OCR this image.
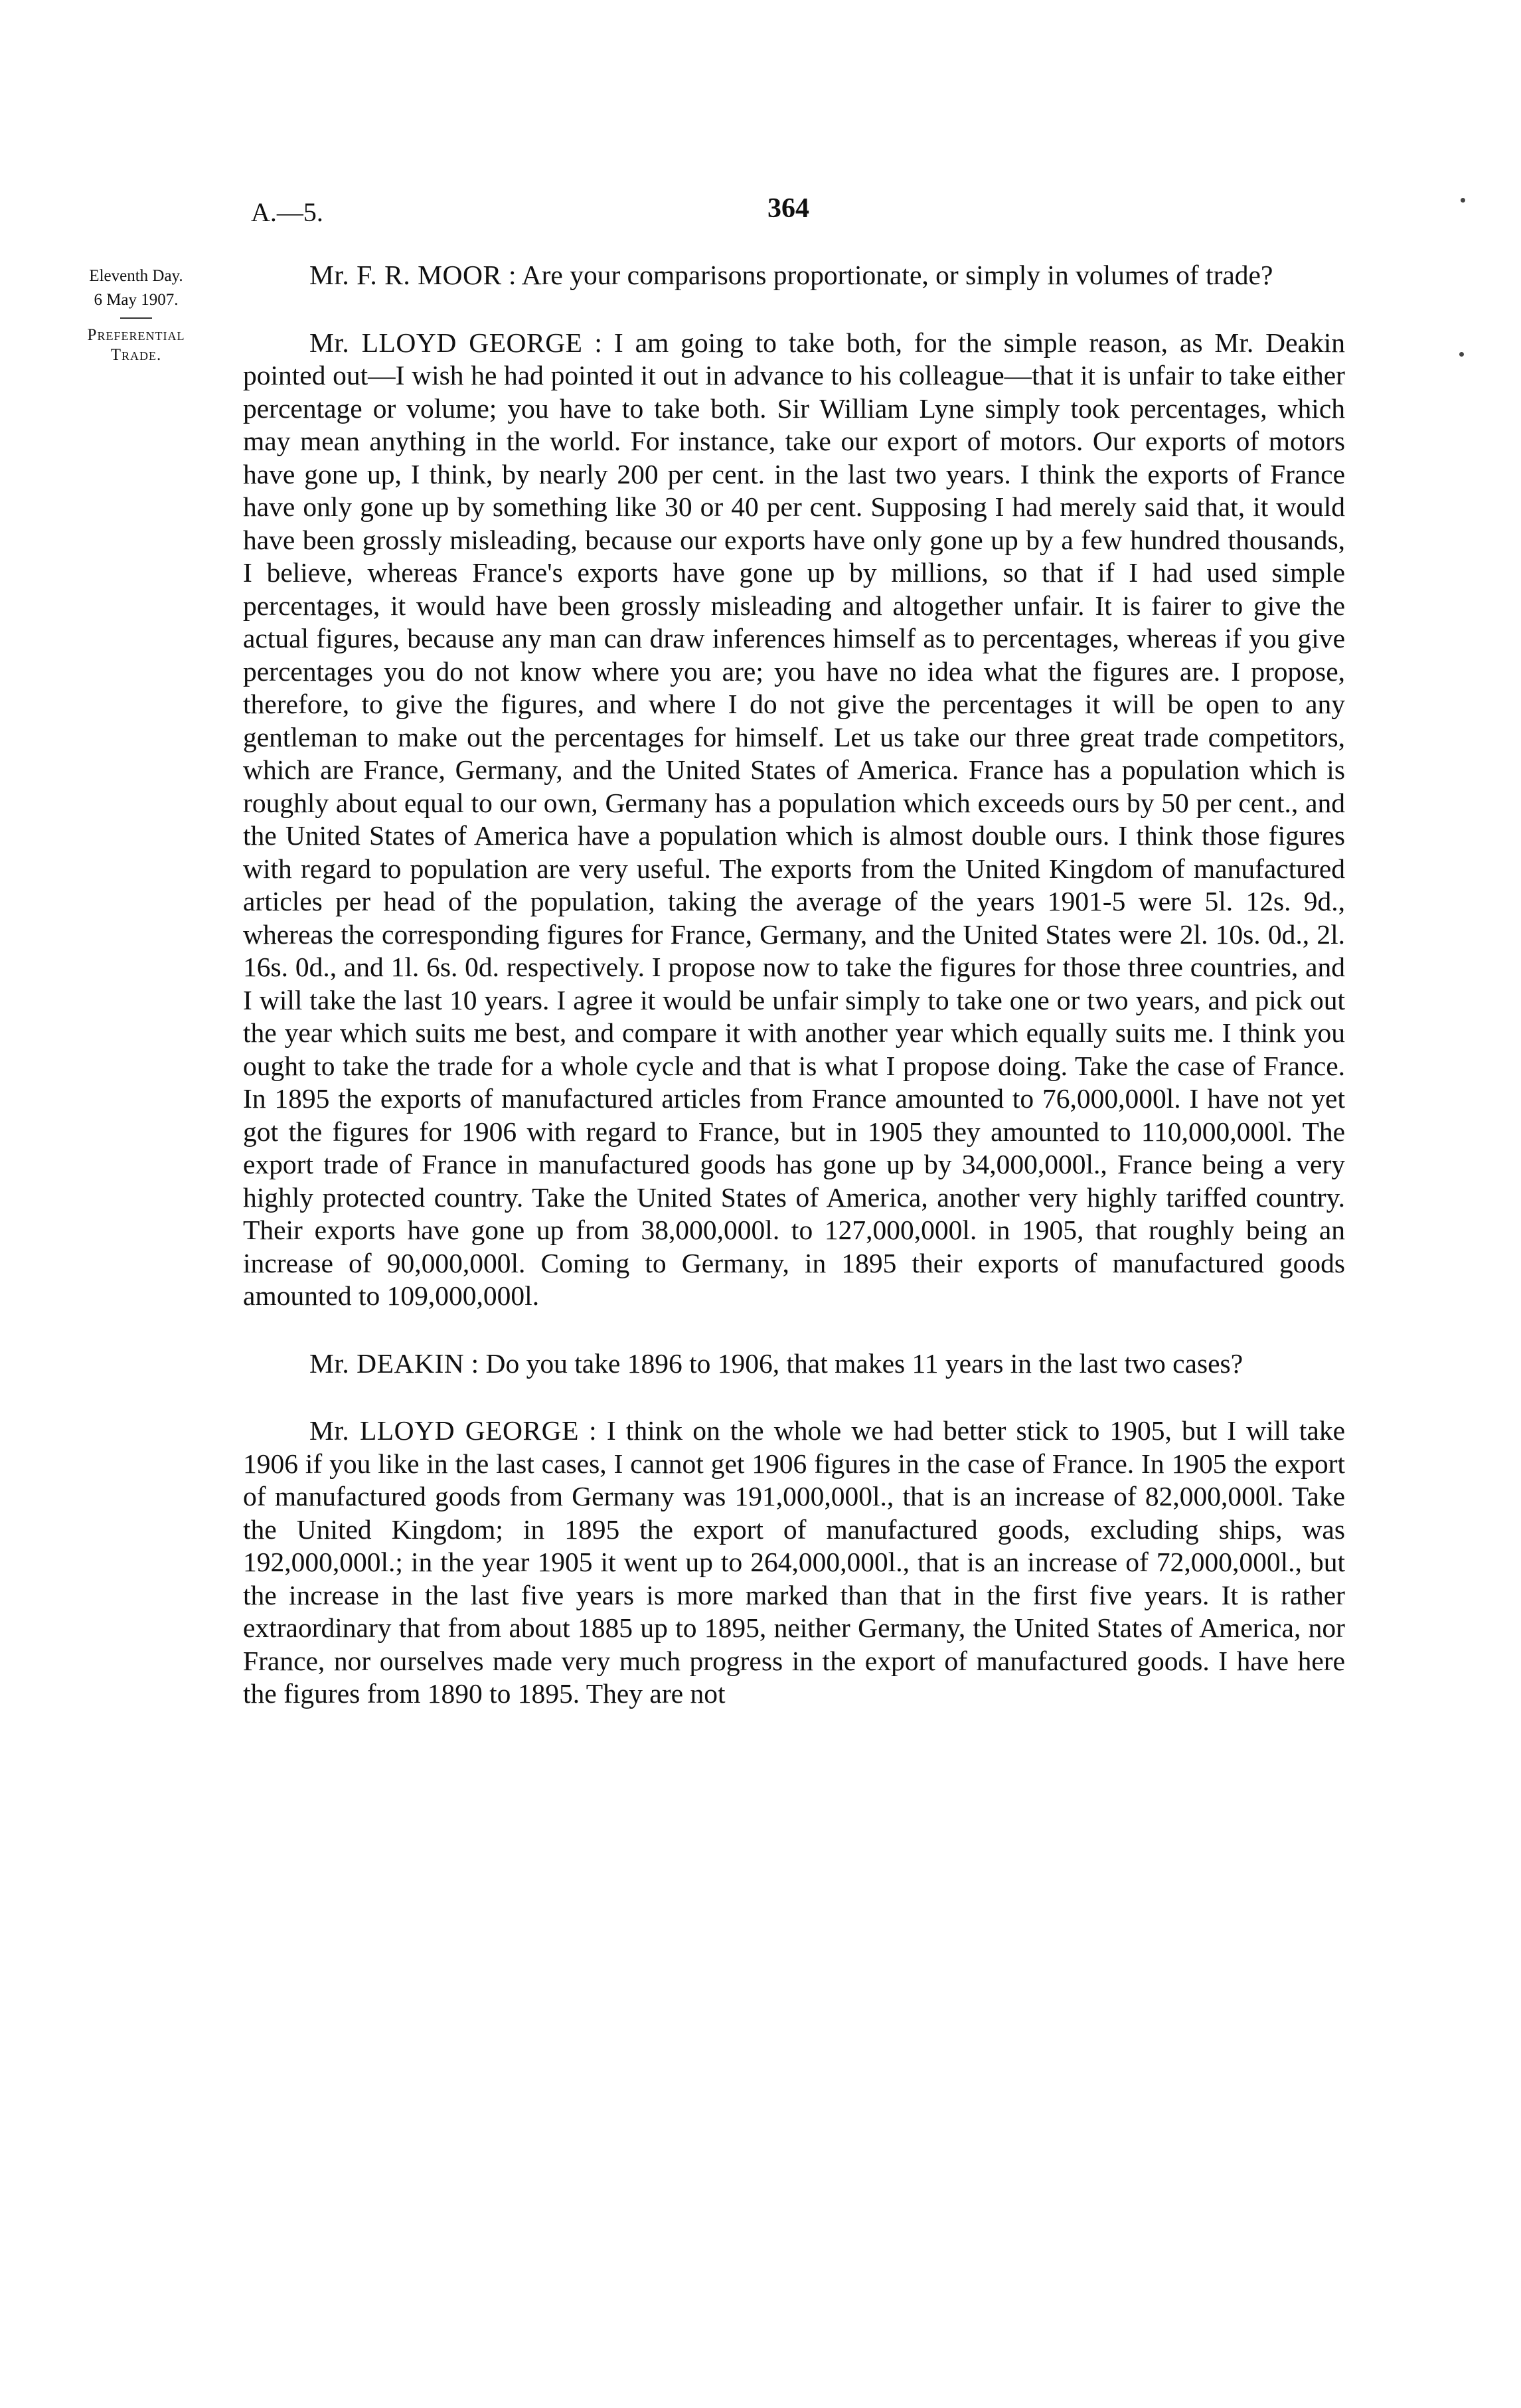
A.—5.	364
Eleventh Day.
6 May 1907.
Preferential
Trade.

Mr. F. R. MOOR : Are your comparisons proportionate, or simply in volumes of trade?

Mr. LLOYD GEORGE : I am going to take both, for the simple reason, as Mr. Deakin pointed out—I wish he had pointed it out in advance to his colleague—that it is unfair to take either percentage or volume; you have to take both. Sir William Lyne simply took percentages, which may mean anything in the world. For instance, take our export of motors. Our exports of motors have gone up, I think, by nearly 200 per cent. in the last two years. I think the exports of France have only gone up by something like 30 or 40 per cent. Supposing I had merely said that, it would have been grossly misleading, because our exports have only gone up by a few hundred thousands, I believe, whereas France's exports have gone up by millions, so that if I had used simple percentages, it would have been grossly misleading and altogether unfair. It is fairer to give the actual figures, because any man can draw inferences himself as to percentages, whereas if you give percentages you do not know where you are; you have no idea what the figures are. I propose, therefore, to give the figures, and where I do not give the percentages it will be open to any gentleman to make out the percentages for himself. Let us take our three great trade competitors, which are France, Germany, and the United States of America. France has a population which is roughly about equal to our own, Germany has a population which exceeds ours by 50 per cent., and the United States of America have a population which is almost double ours. I think those figures with regard to population are very useful. The exports from the United Kingdom of manufactured articles per head of the population, taking the average of the years 1901-5 were 5l. 12s. 9d., whereas the corresponding figures for France, Germany, and the United States were 2l. 10s. 0d., 2l. 16s. 0d., and 1l. 6s. 0d. respectively. I propose now to take the figures for those three countries, and I will take the last 10 years. I agree it would be unfair simply to take one or two years, and pick out the year which suits me best, and compare it with another year which equally suits me. I think you ought to take the trade for a whole cycle and that is what I propose doing. Take the case of France. In 1895 the exports of manufactured articles from France amounted to 76,000,000l. I have not yet got the figures for 1906 with regard to France, but in 1905 they amounted to 110,000,000l. The export trade of France in manufactured goods has gone up by 34,000,000l., France being a very highly protected country. Take the United States of America, another very highly tariffed country. Their exports have gone up from 38,000,000l. to 127,000,000l. in 1905, that roughly being an increase of 90,000,000l. Coming to Germany, in 1895 their exports of manufactured goods amounted to 109,000,000l.

Mr. DEAKIN : Do you take 1896 to 1906, that makes 11 years in the last two cases?

Mr. LLOYD GEORGE : I think on the whole we had better stick to 1905, but I will take 1906 if you like in the last cases, I cannot get 1906 figures in the case of France. In 1905 the export of manufactured goods from Germany was 191,000,000l., that is an increase of 82,000,000l. Take the United Kingdom; in 1895 the export of manufactured goods, excluding ships, was 192,000,000l.; in the year 1905 it went up to 264,000,000l., that is an increase of 72,000,000l., but the increase in the last five years is more marked than that in the first five years. It is rather extraordinary that from about 1885 up to 1895, neither Germany, the United States of America, nor France, nor ourselves made very much progress in the export of manufactured goods. I have here the figures from 1890 to 1895. They are not
